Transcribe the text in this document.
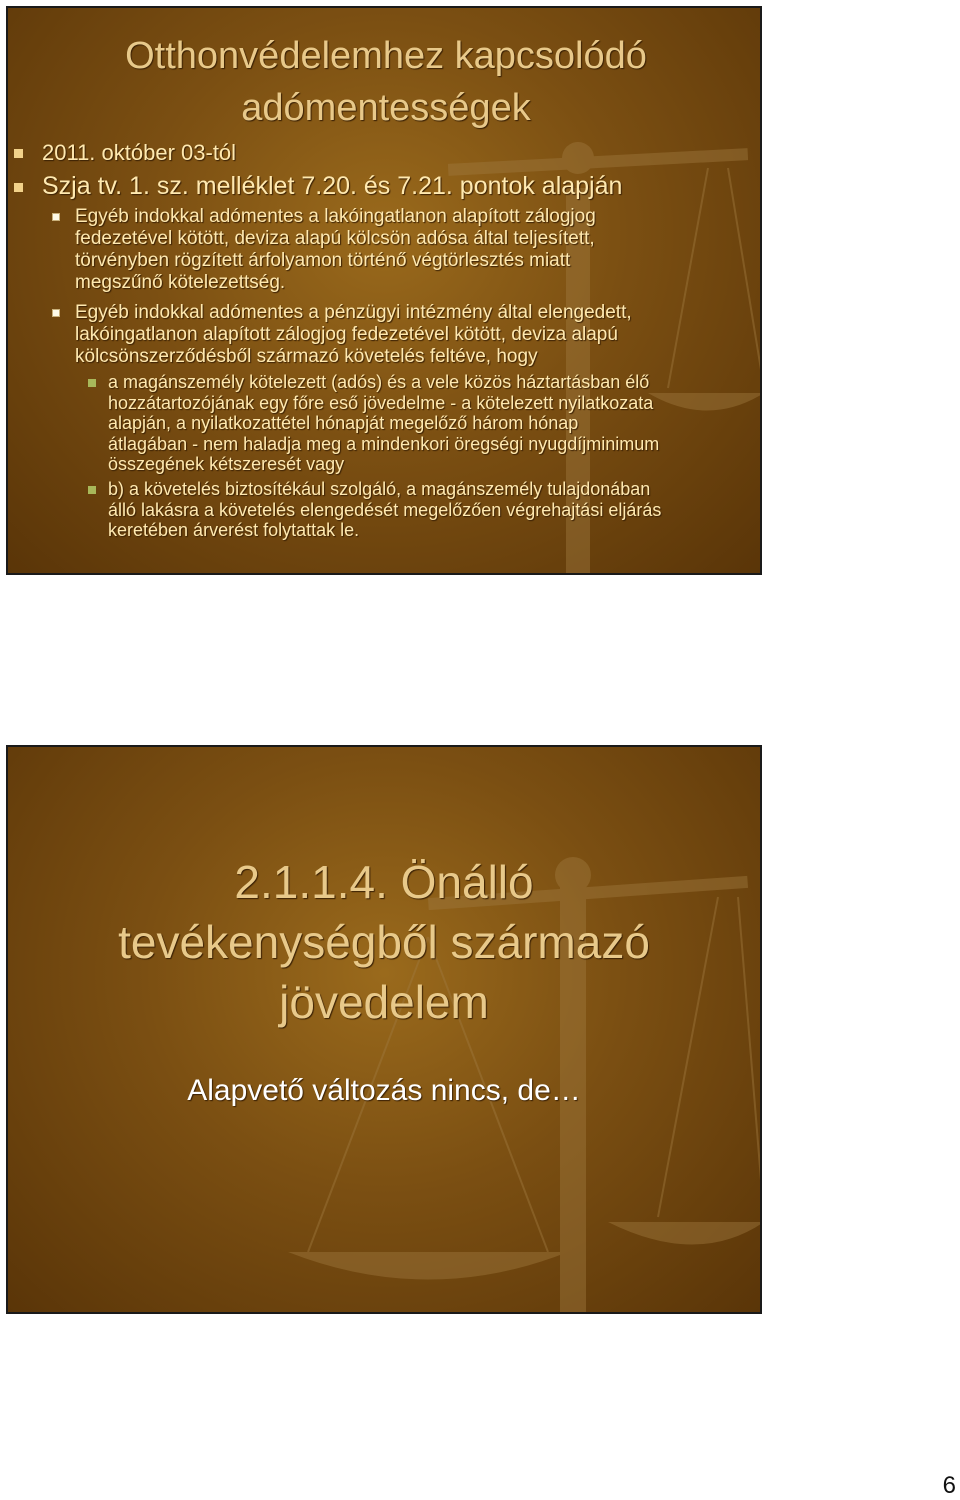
Otthonvédelemhez kapcsolódó
adómentességek
2011. október 03-tól
Szja tv. 1. sz. melléklet 7.20. és 7.21. pontok alapján
Egyéb indokkal adómentes a lakóingatlanon alapított zálogjog
fedezetével kötött, deviza alapú kölcsön adósa által teljesített,
törvényben rögzített árfolyamon történő végtörlesztés miatt
megszűnő kötelezettség.
Egyéb indokkal adómentes a pénzügyi intézmény által elengedett,
lakóingatlanon alapított zálogjog fedezetével kötött, deviza alapú
kölcsönszerződésből származó követelés feltéve, hogy
a magánszemély kötelezett (adós) és a vele közös háztartásban élő
hozzátartozójának egy főre eső jövedelme - a kötelezett nyilatkozata
alapján, a nyilatkozattétel hónapját megelőző három hónap
átlagában - nem haladja meg a mindenkori öregségi nyugdíjminimum
összegének kétszeresét vagy
b) a követelés biztosítékául szolgáló, a magánszemély tulajdonában
álló lakásra a követelés elengedését megelőzően végrehajtási eljárás
keretében árverést folytattak le.
2.1.1.4. Önálló
tevékenységből származó
jövedelem
Alapvető változás nincs, de…
6
